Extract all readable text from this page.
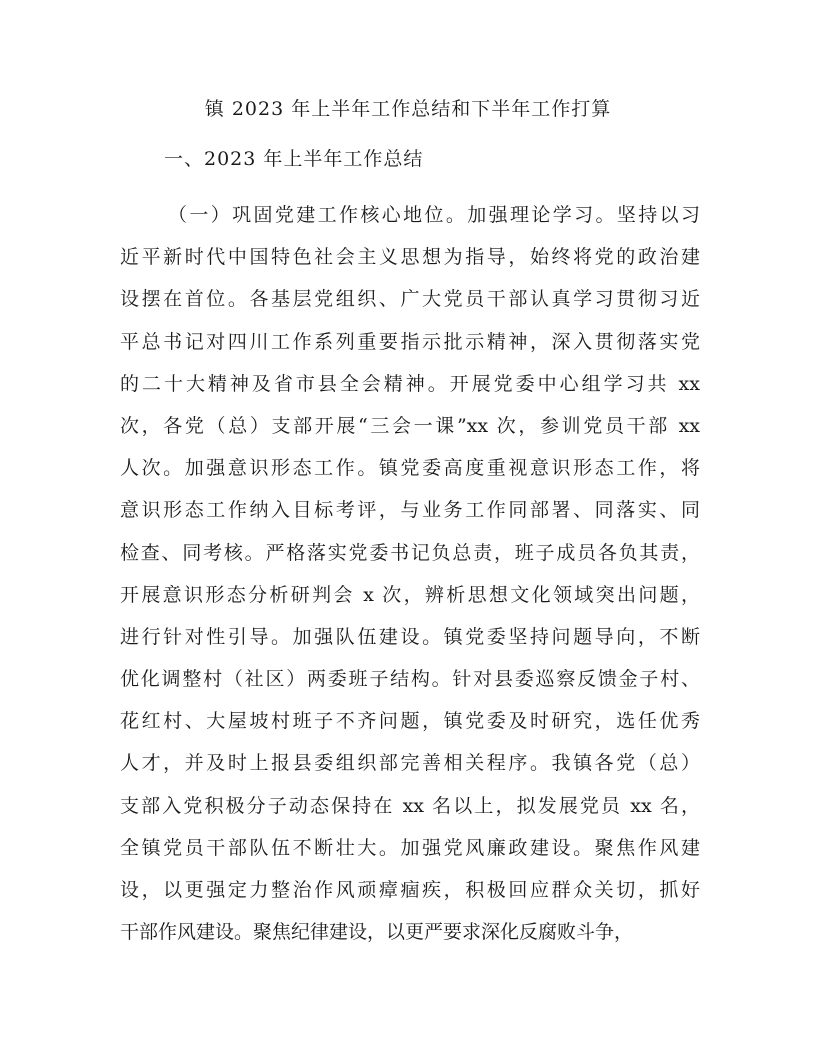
镇 2023 年上半年工作总结和下半年工作打算
一、2023 年上半年工作总结
（一）巩固党建工作核心地位。加强理论学习。坚持以习
近平新时代中国特色社会主义思想为指导，始终将党的政治建
设摆在首位。各基层党组织、广大党员干部认真学习贯彻习近
平总书记对四川工作系列重要指示批示精神，深入贯彻落实党
的二十大精神及省市县全会精神。开展党委中心组学习共 xx
次，各党（总）支部开展“三会一课”xx 次，参训党员干部 xx
人次。加强意识形态工作。镇党委高度重视意识形态工作，将
意识形态工作纳入目标考评，与业务工作同部署、同落实、同
检查、同考核。严格落实党委书记负总责，班子成员各负其责，
开展意识形态分析研判会 x 次，辨析思想文化领域突出问题，
进行针对性引导。加强队伍建设。镇党委坚持问题导向，不断
优化调整村（社区）两委班子结构。针对县委巡察反馈金子村、
花红村、大屋坡村班子不齐问题，镇党委及时研究，选任优秀
人才，并及时上报县委组织部完善相关程序。我镇各党（总）
支部入党积极分子动态保持在 xx 名以上，拟发展党员 xx 名，
全镇党员干部队伍不断壮大。加强党风廉政建设。聚焦作风建
设，以更强定力整治作风顽瘴痼疾，积极回应群众关切，抓好
干部作风建设。聚焦纪律建设，以更严要求深化反腐败斗争，
